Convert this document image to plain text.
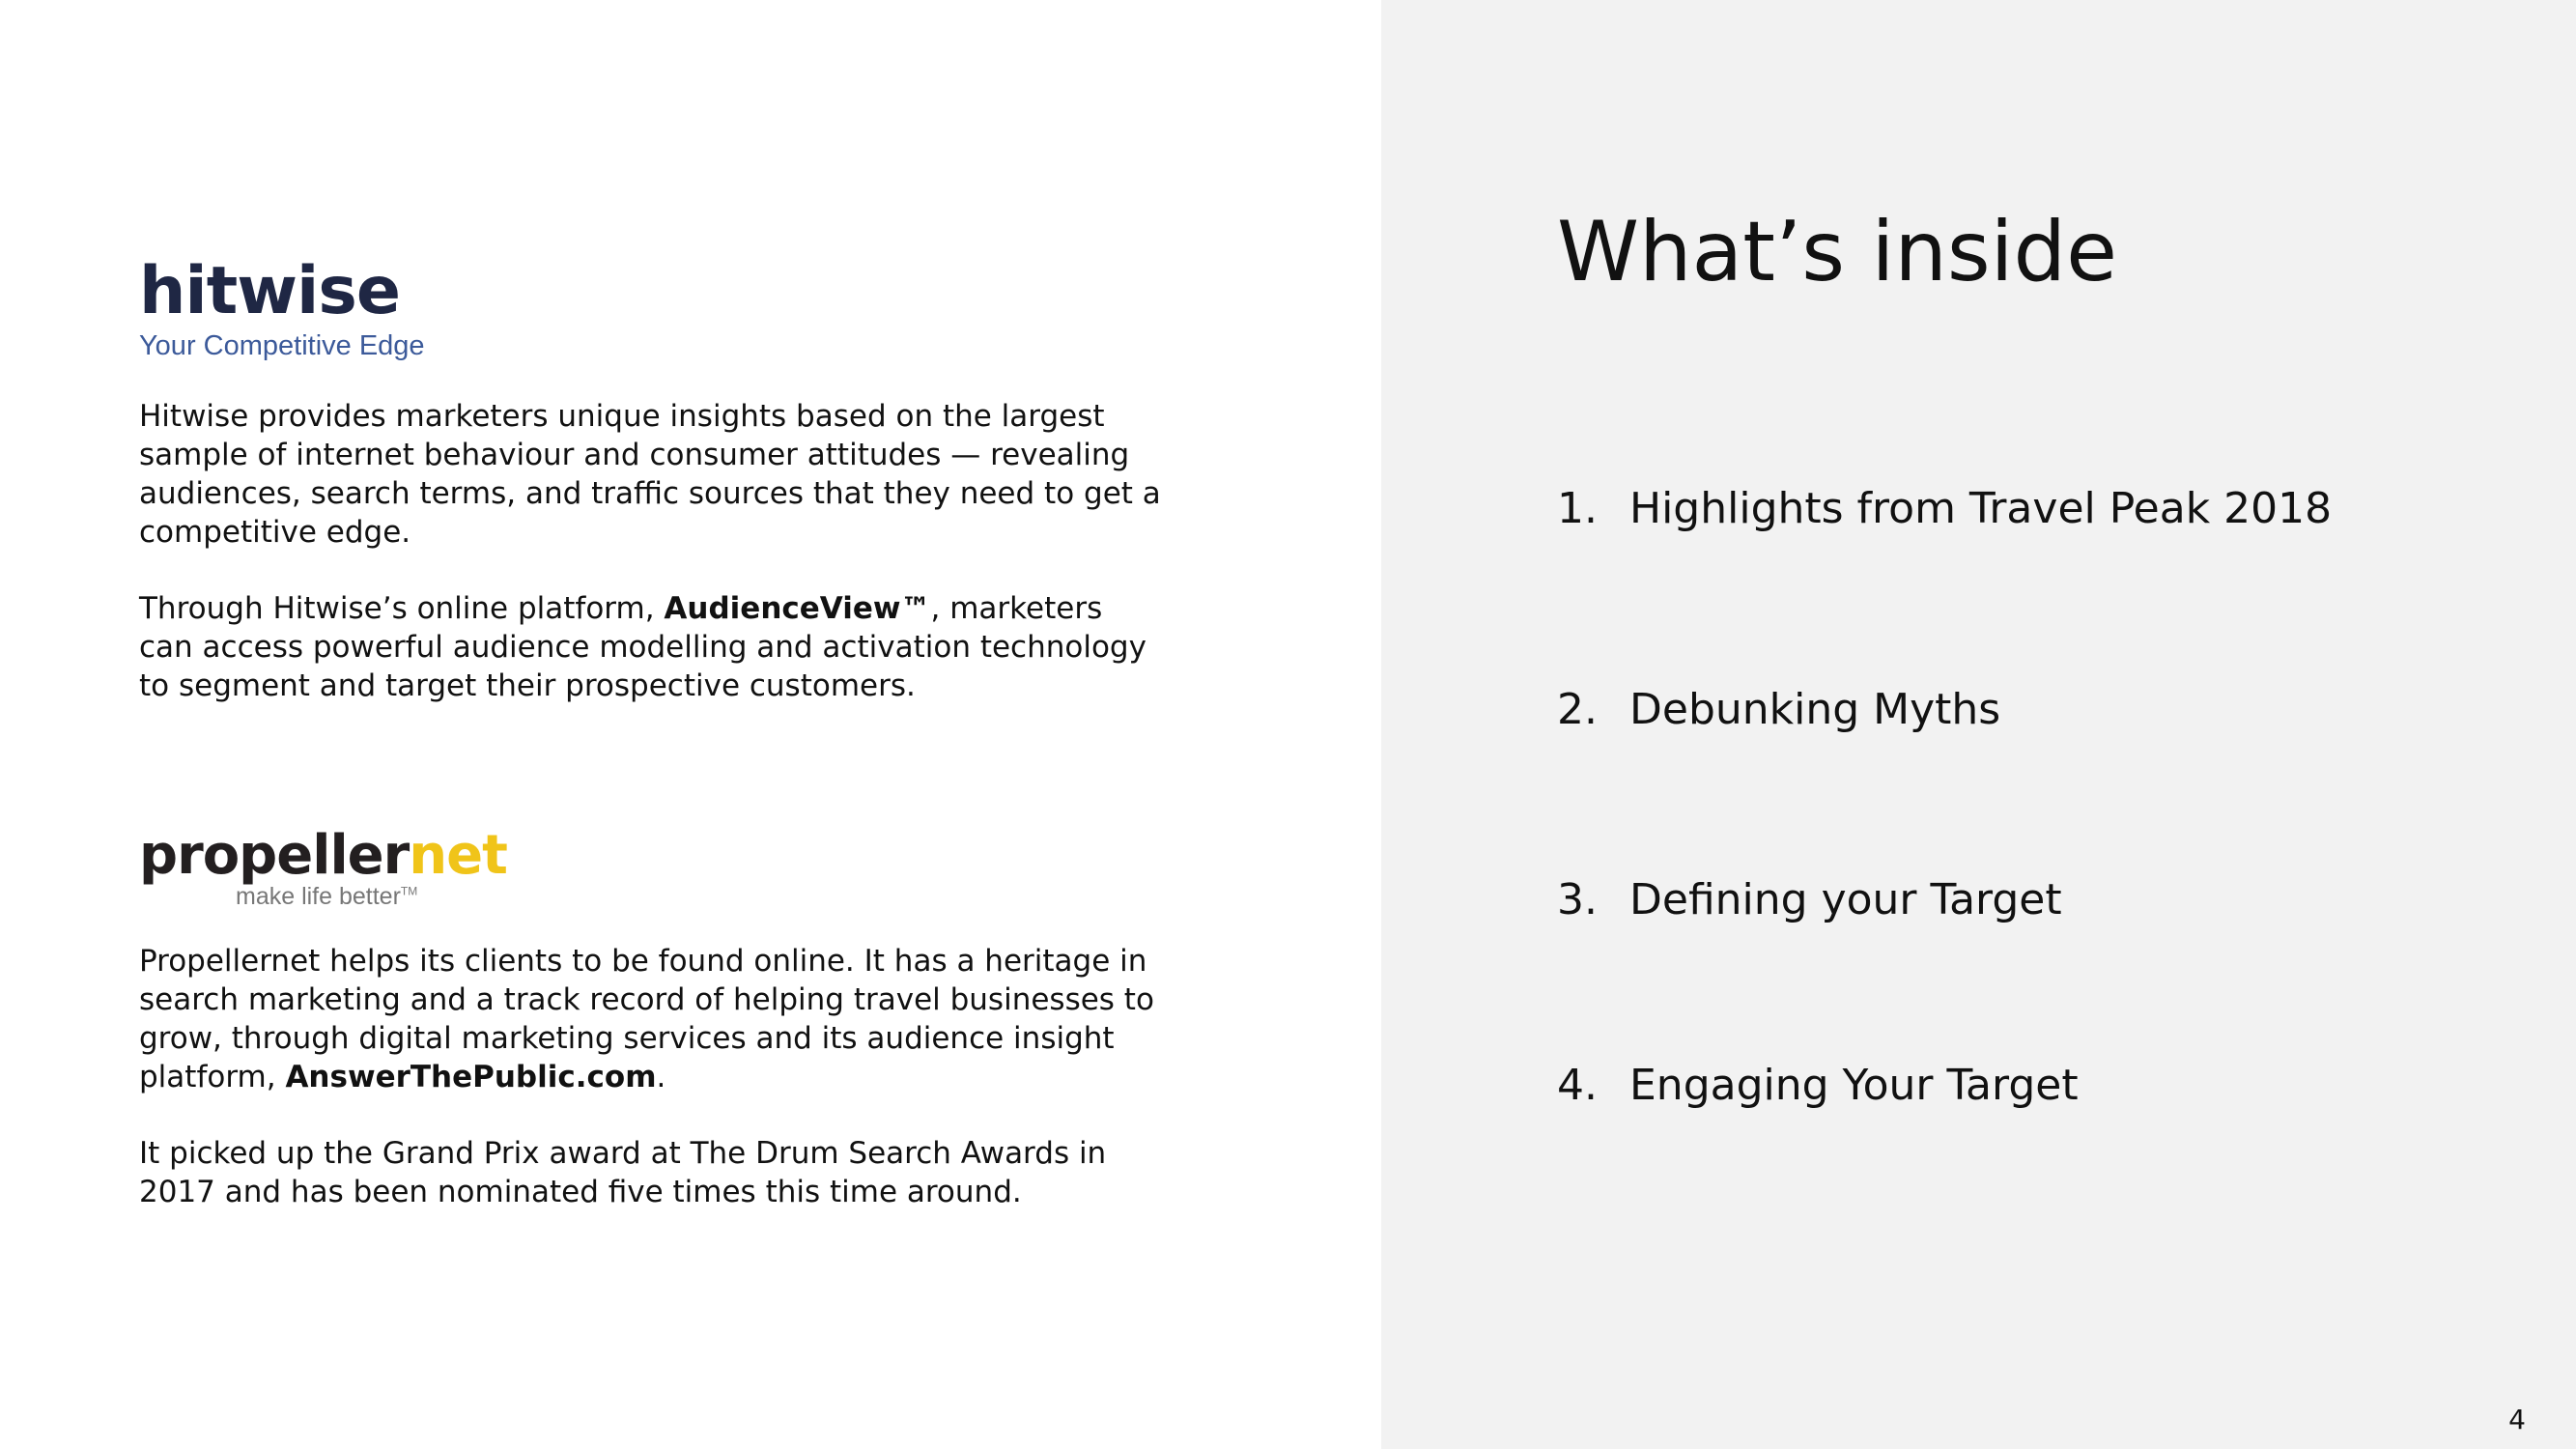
hitwise
Your Competitive Edge
Hitwise provides marketers unique insights based on the largest sample of internet behaviour and consumer attitudes — revealing audiences, search terms, and traffic sources that they need to get a competitive edge.
Through Hitwise’s online platform, AudienceView™, marketers can access powerful audience modelling and activation technology to segment and target their prospective customers.
propellernet
make life better™
Propellernet helps its clients to be found online. It has a heritage in search marketing and a track record of helping travel businesses to grow, through digital marketing services and its audience insight platform, AnswerThePublic.com.
It picked up the Grand Prix award at The Drum Search Awards in 2017 and has been nominated five times this time around.
What’s inside
1. Highlights from Travel Peak 2018
2. Debunking Myths
3. Defining your Target
4. Engaging Your Target
4
